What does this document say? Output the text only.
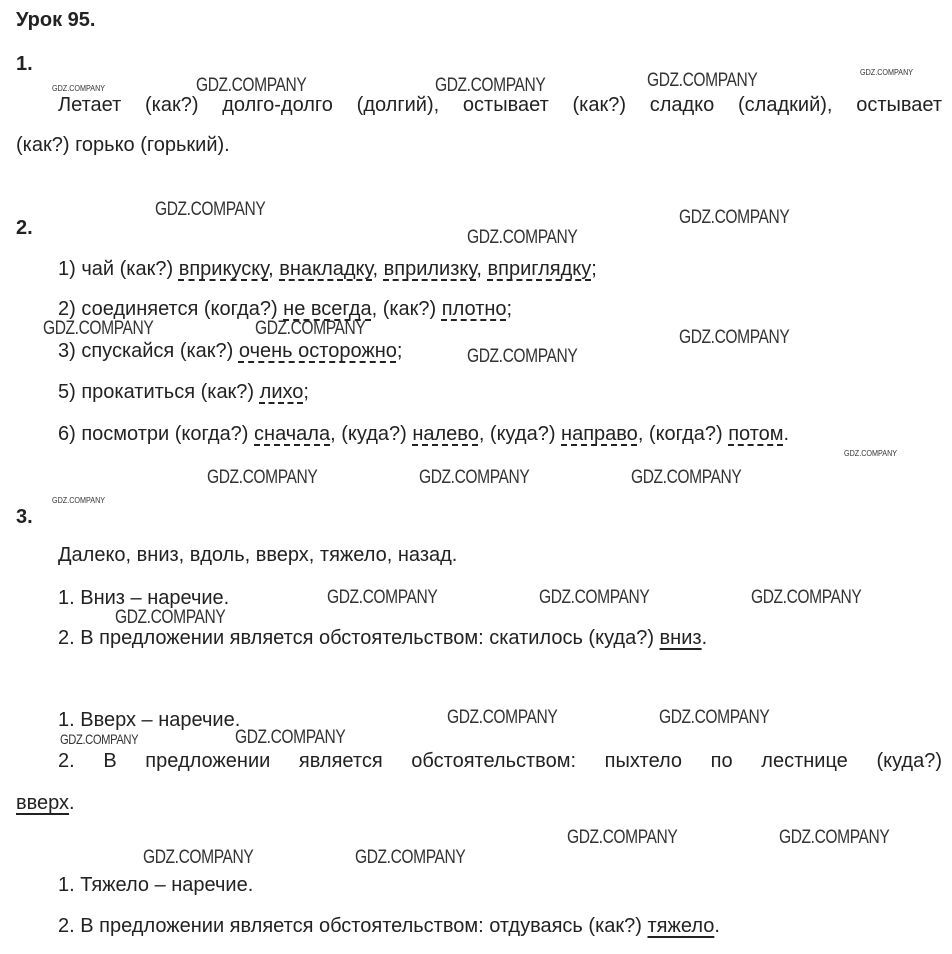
Урок 95.
1.
Летает (как?) долго-долго (долгий), остывает (как?) сладко (сладкий), остывает
(как?) горько (горький).
2.
1) чай (как?) вприкуску, внакладку, вприлизку, вприглядку;
2) соединяется (когда?) не всегда, (как?) плотно;
3) спускайся (как?) очень осторожно;
5) прокатиться (как?) лихо;
6) посмотри (когда?) сначала, (куда?) налево, (куда?) направо, (когда?) потом.
3.
Далеко, вниз, вдоль, вверх, тяжело, назад.
1. Вниз – наречие.
2. В предложении является обстоятельством: скатилось (куда?) вниз.
1. Вверх – наречие.
2. В предложении является обстоятельством: пыхтело по лестнице (куда?)
вверх.
1. Тяжело – наречие.
2. В предложении является обстоятельством: отдуваясь (как?) тяжело.
GDZ.COMPANY	GDZ.COMPANY	GDZ.COMPANY
GDZ.COMPANY	GDZ.COMPANY
GDZ.COMPANY
GDZ.COMPANY	GDZ.COMPANY	GDZ.COMPANY
GDZ.COMPANY
GDZ.COMPANY	GDZ.COMPANY	GDZ.COMPANY
GDZ.COMPANY	GDZ.COMPANY	GDZ.COMPANY
GDZ.COMPANY
GDZ.COMPANY	GDZ.COMPANY
GDZ.COMPANY
GDZ.COMPANY	GDZ.COMPANY
GDZ.COMPANY	GDZ.COMPANY
GDZ.COMPANY
GDZ.COMPANY
GDZ.COMPANY
GDZ.COMPANY
GDZ.COMPANY
